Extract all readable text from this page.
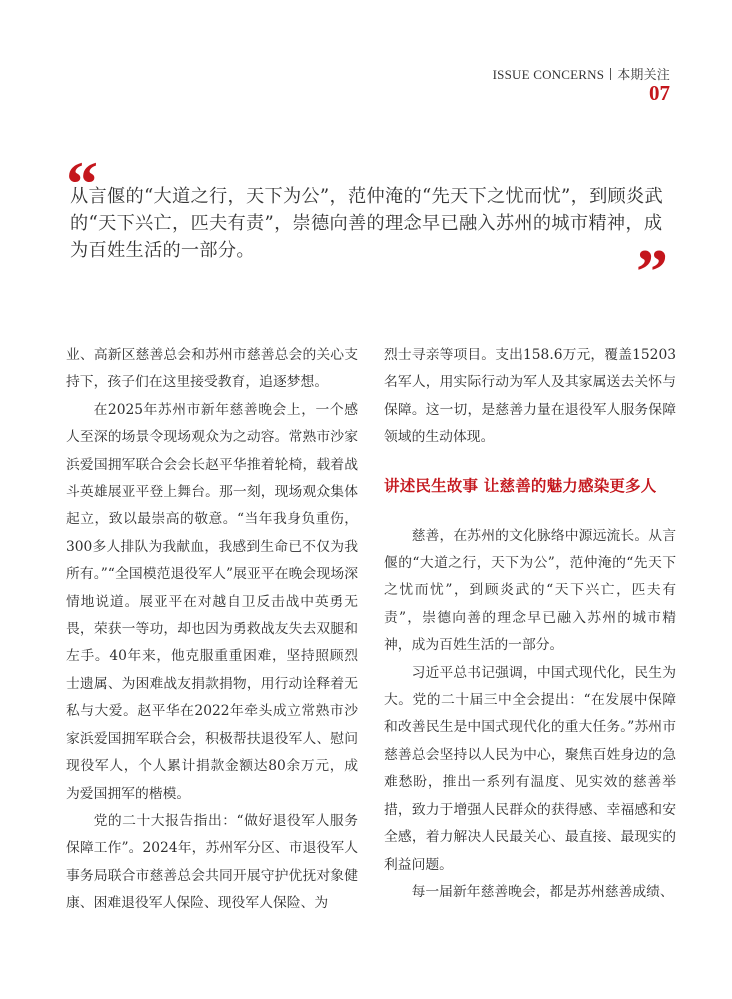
ISSUE CONCERNS 本期关注
07
“
从言偃的“大道之行，天下为公”，范仲淹的“先天下之忧而忧”，到顾炎武的“天下兴亡，匹夫有责”，崇德向善的理念早已融入苏州的城市精神，成为百姓生活的一部分。	”

业、高新区慈善总会和苏州市慈善总会的关心支持下，孩子们在这里接受教育，追逐梦想。

在2025年苏州市新年慈善晚会上，一个感人至深的场景令现场观众为之动容。常熟市沙家浜爱国拥军联合会会长赵平华推着轮椅，载着战斗英雄展亚平登上舞台。那一刻，现场观众集体起立，致以最崇高的敬意。“当年我身负重伤，300多人排队为我献血，我感到生命已不仅为我所有。”“全国模范退役军人”展亚平在晚会现场深情地说道。展亚平在对越自卫反击战中英勇无畏，荣获一等功，却也因为勇救战友失去双腿和左手。40年来，他克服重重困难，坚持照顾烈士遗属、为困难战友捐款捐物，用行动诠释着无私与大爱。赵平华在2022年牵头成立常熟市沙家浜爱国拥军联合会，积极帮扶退役军人、慰问现役军人，个人累计捐款金额达80余万元，成为爱国拥军的楷模。

党的二十大报告指出：“做好退役军人服务保障工作”。2024年，苏州军分区、市退役军人事务局联合市慈善总会共同开展守护优抚对象健康、困难退役军人保险、现役军人保险、为

烈士寻亲等项目。支出158.6万元，覆盖15203名军人，用实际行动为军人及其家属送去关怀与保障。这一切，是慈善力量在退役军人服务保障领域的生动体现。

讲述民生故事 让慈善的魅力感染更多人

慈善，在苏州的文化脉络中源远流长。从言偃的“大道之行，天下为公”，范仲淹的“先天下之忧而忧”，到顾炎武的“天下兴亡，匹夫有责”，崇德向善的理念早已融入苏州的城市精神，成为百姓生活的一部分。

习近平总书记强调，中国式现代化，民生为大。党的二十届三中全会提出：“在发展中保障和改善民生是中国式现代化的重大任务。”苏州市慈善总会坚持以人民为中心，聚焦百姓身边的急难愁盼，推出一系列有温度、见实效的慈善举措，致力于增强人民群众的获得感、幸福感和安全感，着力解决人民最关心、最直接、最现实的利益问题。

每一届新年慈善晚会，都是苏州慈善成绩、
